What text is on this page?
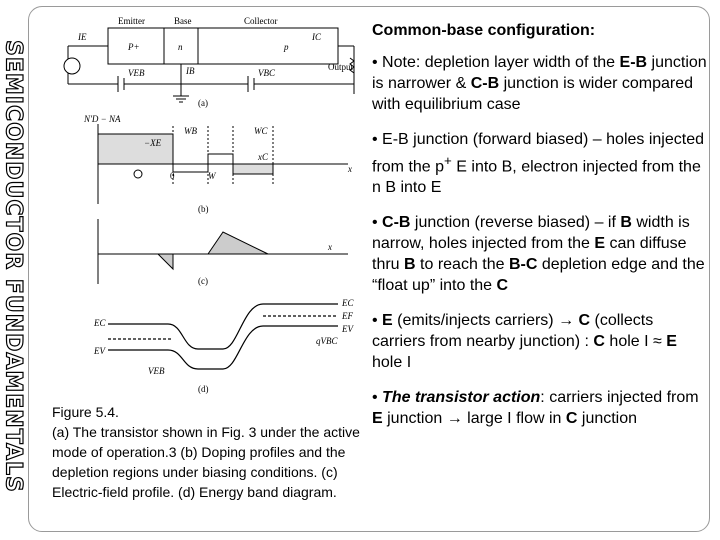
SEMICONDUCTOR FUNDAMENTALS
Emitter	Base	Collector
IE	IC
P+	n	p
VEB	VBC
IB	Output
(a)
N'D − NA
WB	WC
−XE
xC
0	W
x
(b)
x
(c)
EC
EV
EC
EF
EV
qVBC
VEB
(d)
Figure 5.4.
(a) The transistor shown in Fig. 3 under the active mode of operation.3 (b) Doping profiles and the depletion regions under biasing conditions. (c) Electric-field profile. (d) Energy band diagram.
Common-base configuration:
• Note: depletion layer width of the E-B junction is narrower & C-B junction is wider compared with equilibrium case
• E-B junction (forward biased) – holes injected from the p+ E into B, electron injected from the n B into E
• C-B junction (reverse biased) – if B width is narrow, holes injected from the E can diffuse thru B to reach the B-C depletion edge and the “float up” into the C
• E (emits/injects carriers) → C (collects carriers from nearby junction) : C hole I ≈ E hole I
• The transistor action: carriers injected from E junction → large I flow in C junction
